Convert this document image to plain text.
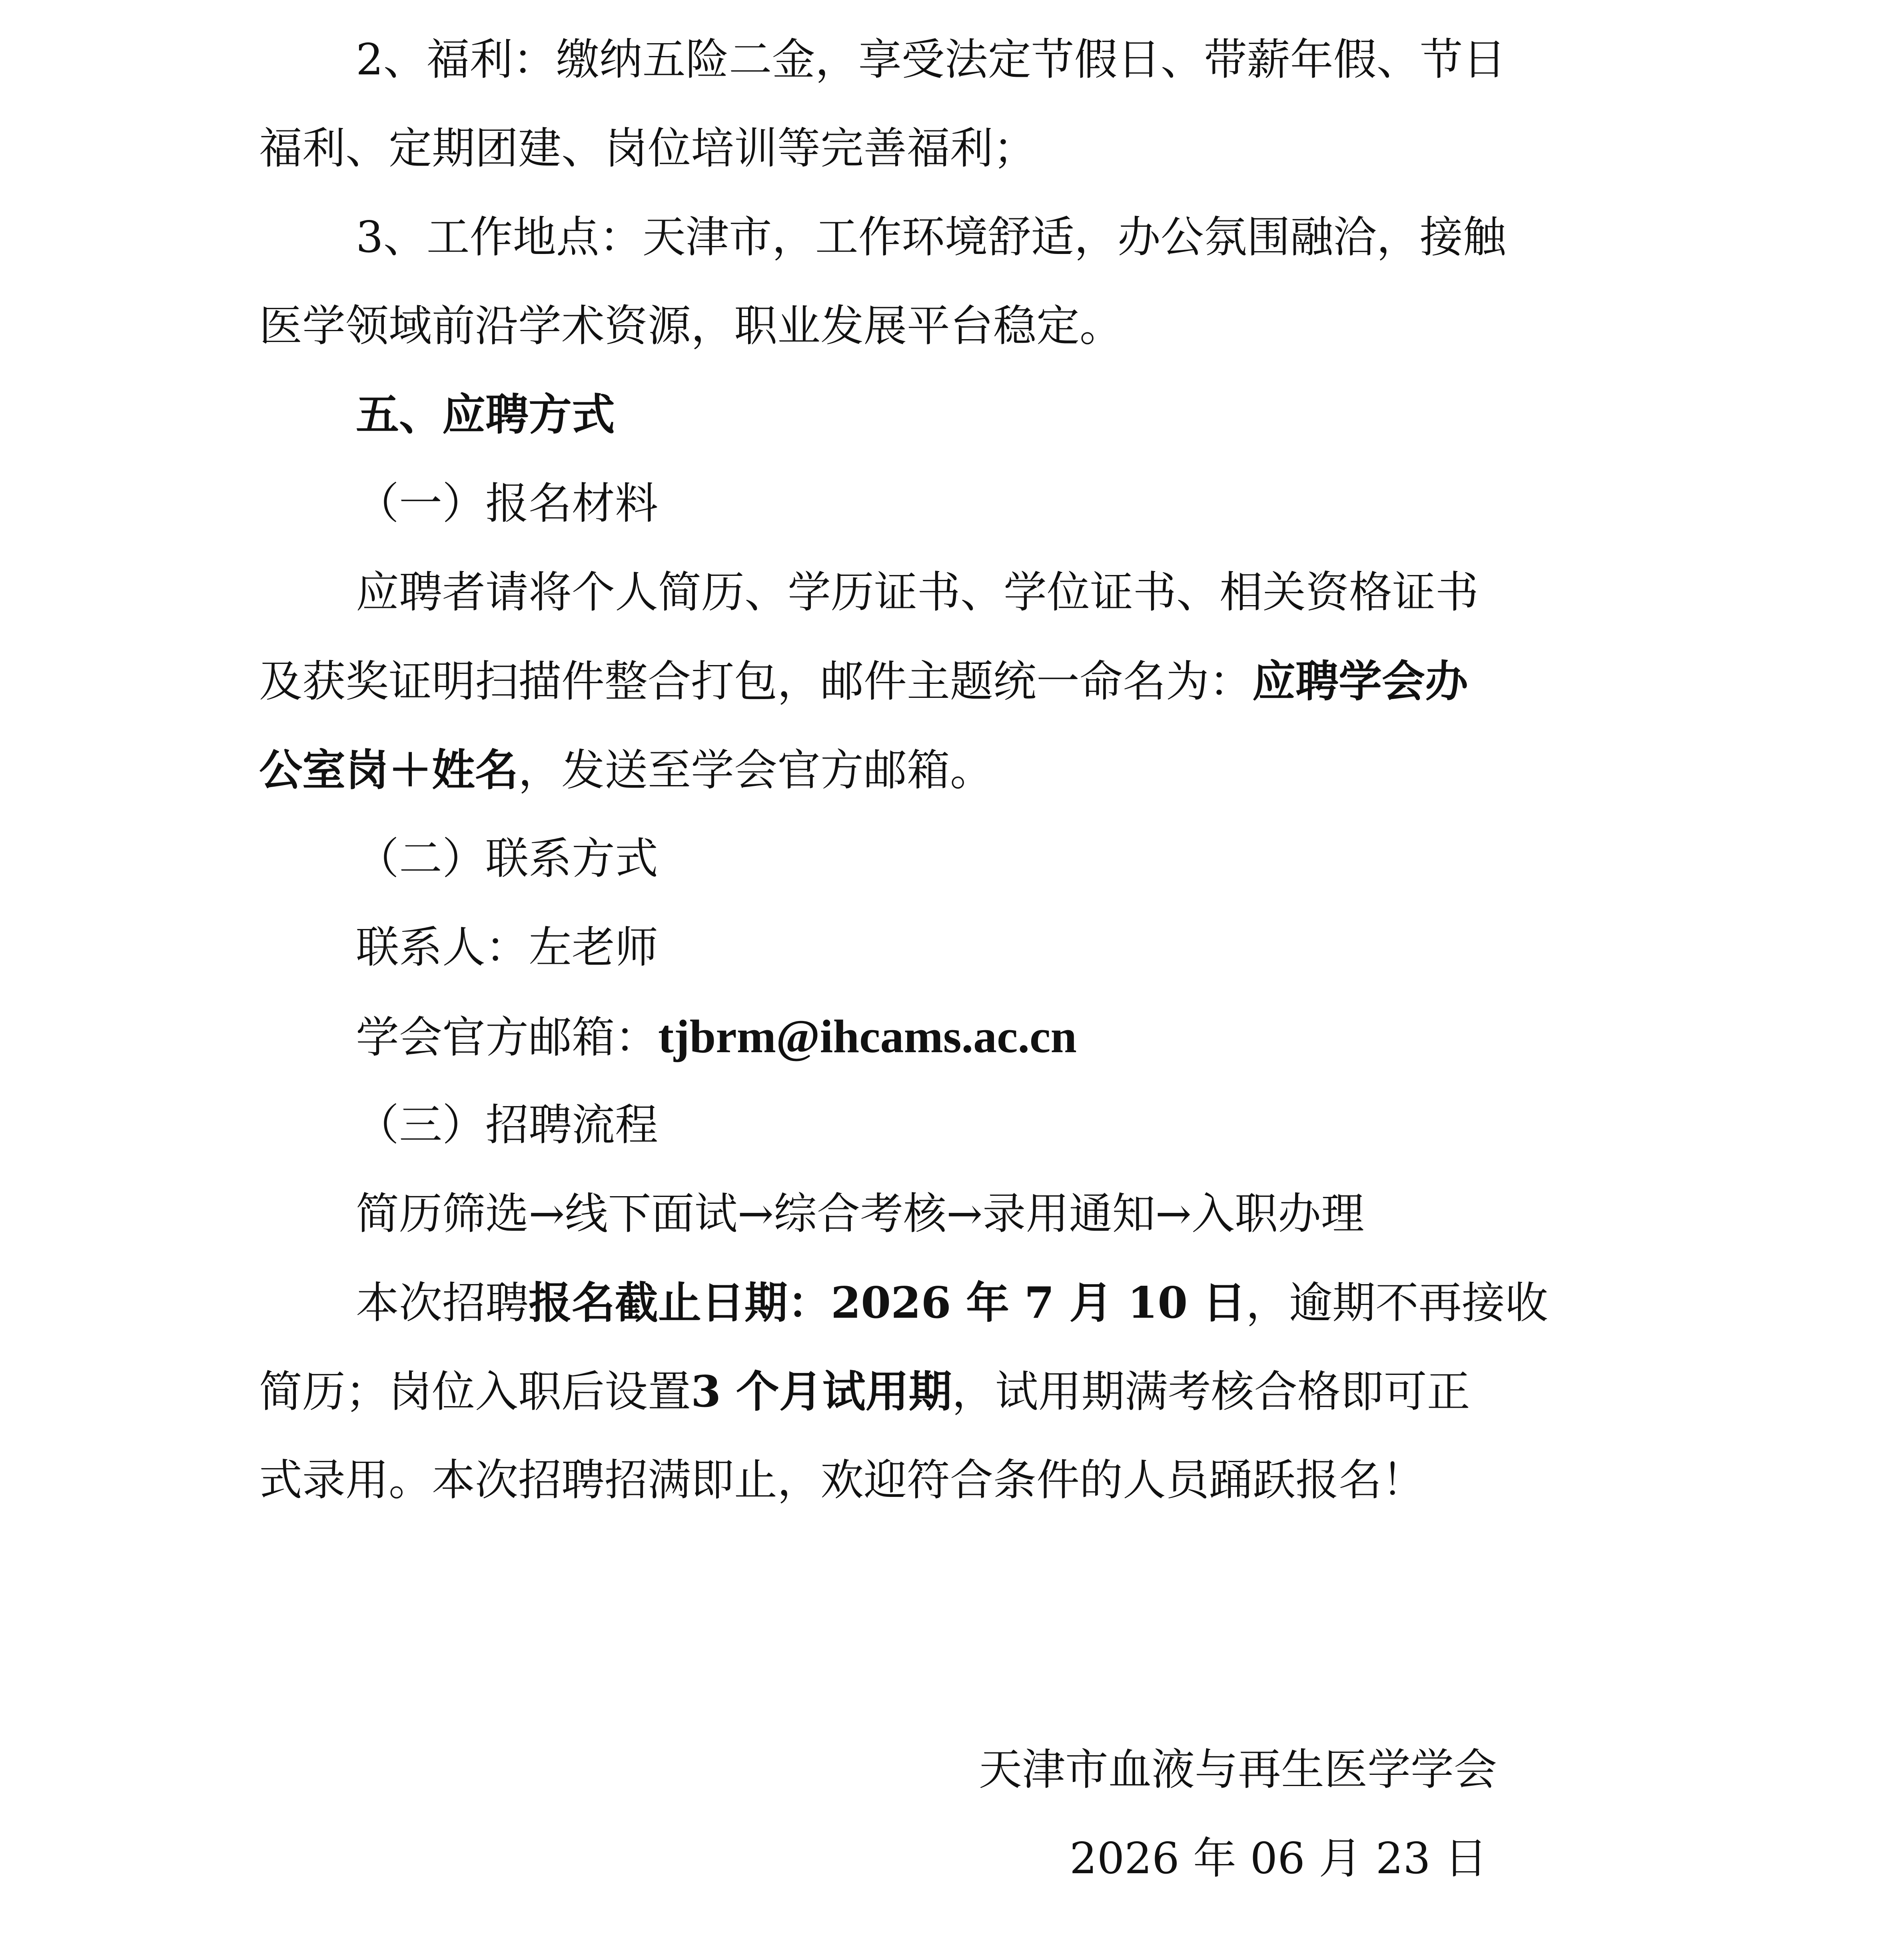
2、福利：缴纳五险二金，享受法定节假日、带薪年假、节日
福利、定期团建、岗位培训等完善福利；
3、工作地点：天津市，工作环境舒适，办公氛围融洽，接触
医学领域前沿学术资源，职业发展平台稳定。
五、应聘方式
（一）报名材料
应聘者请将个人简历、学历证书、学位证书、相关资格证书
及获奖证明扫描件整合打包，邮件主题统一命名为：应聘学会办
公室岗＋姓名，发送至学会官方邮箱。
（二）联系方式
联系人：左老师
学会官方邮箱：tjbrm@ihcams.ac.cn
（三）招聘流程
简历筛选→线下面试→综合考核→录用通知→入职办理
本次招聘报名截止日期：2026 年 7 月 10 日，逾期不再接收
简历；岗位入职后设置3 个月试用期，试用期满考核合格即可正
式录用。本次招聘招满即止，欢迎符合条件的人员踊跃报名！
天津市血液与再生医学学会
2026 年 06 月 23 日
